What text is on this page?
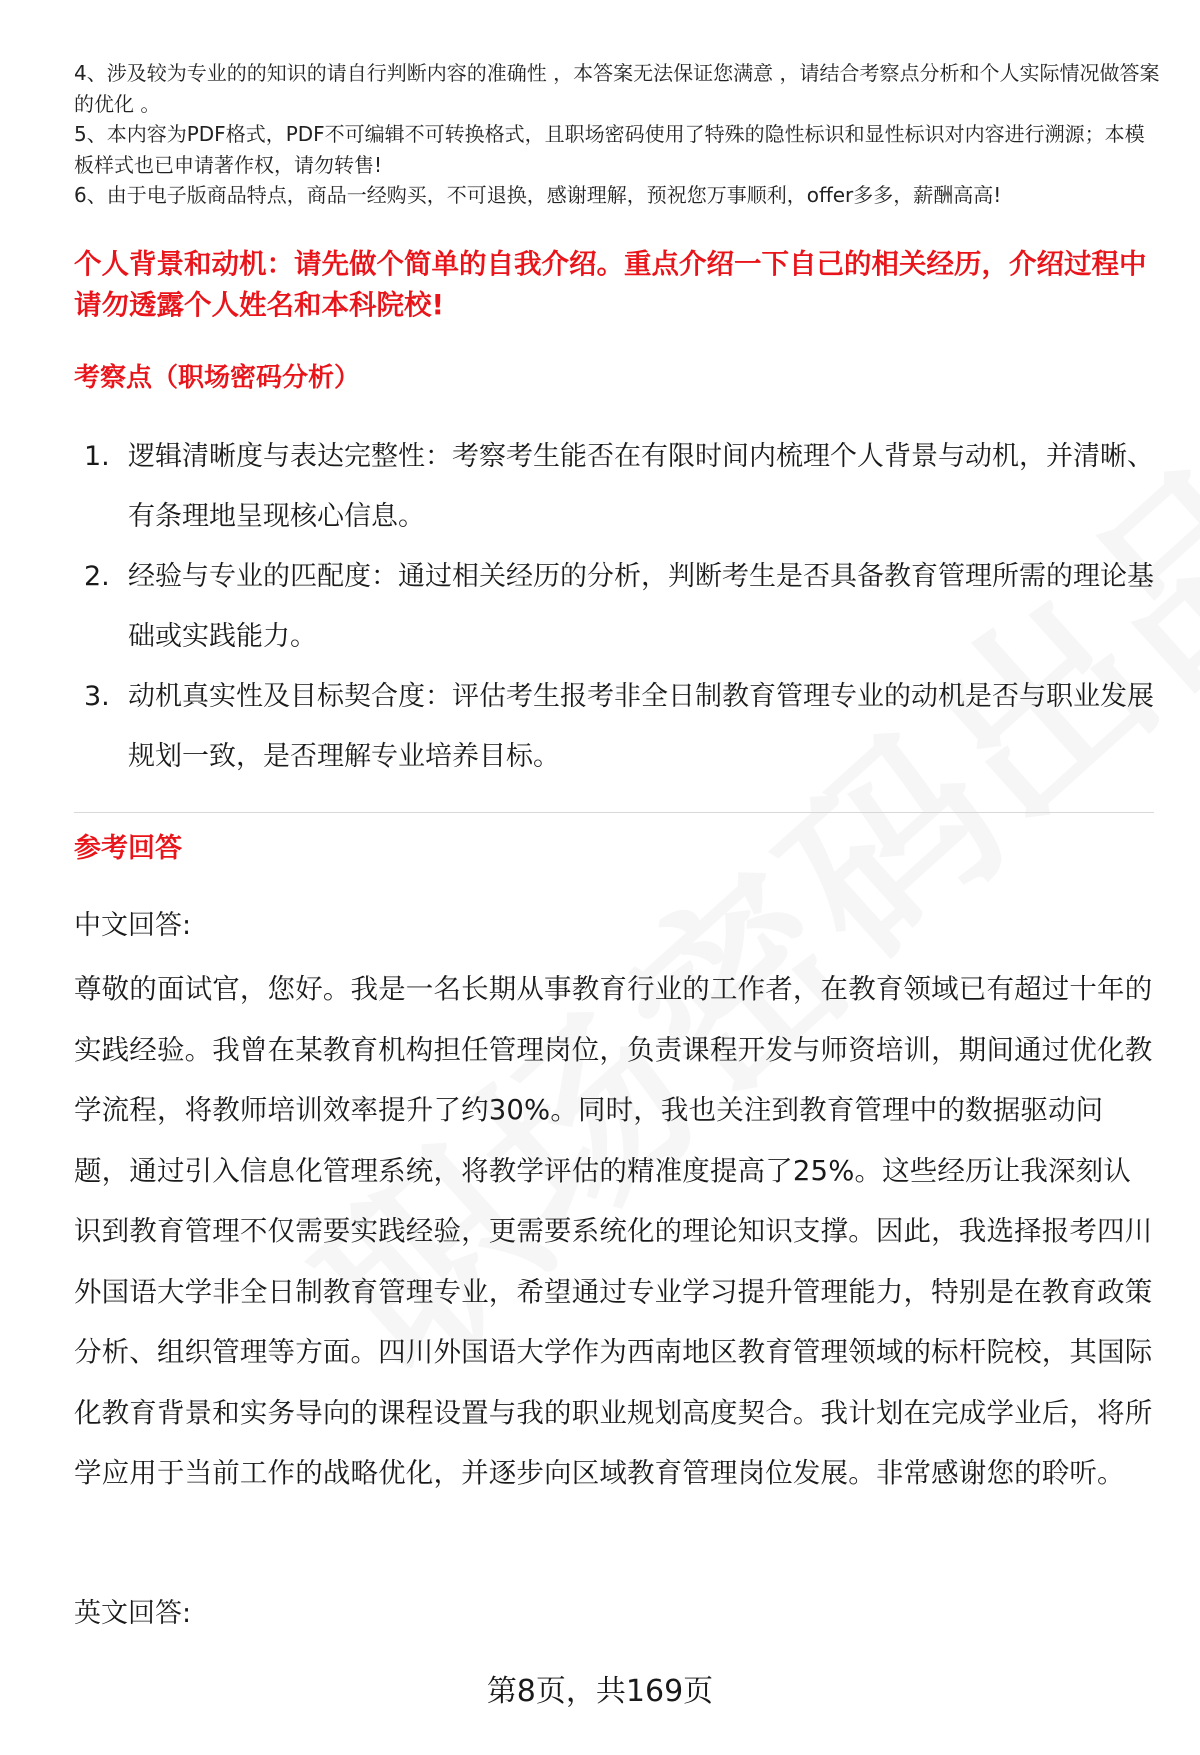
4、涉及较为专业的的知识的请自行判断内容的准确性 ，本答案无法保证您满意 ，请结合考察点分析和个人实际情况做答案的优化 。

5、本内容为PDF格式，PDF不可编辑不可转换格式，且职场密码使用了特殊的隐性标识和显性标识对内容进行溯源；本模板样式也已申请著作权，请勿转售!

6、由于电子版商品特点，商品一经购买，不可退换，感谢理解，预祝您万事顺利，offer多多，薪酬高高!

个人背景和动机：请先做个简单的自我介绍。重点介绍一下自己的相关经历，介绍过程中请勿透露个人姓名和本科院校!
考察点（职场密码分析）
1. 逻辑清晰度与表达完整性：考察考生能否在有限时间内梳理个人背景与动机，并清晰、有条理地呈现核心信息。
2. 经验与专业的匹配度：通过相关经历的分析，判断考生是否具备教育管理所需的理论基础或实践能力。
3. 动机真实性及目标契合度：评估考生报考非全日制教育管理专业的动机是否与职业发展规划一致，是否理解专业培养目标。
参考回答

中文回答:

尊敬的面试官，您好。我是一名长期从事教育行业的工作者，在教育领域已有超过十年的实践经验。我曾在某教育机构担任管理岗位，负责课程开发与师资培训，期间通过优化教学流程，将教师培训效率提升了约30%。同时，我也关注到教育管理中的数据驱动问题，通过引入信息化管理系统，将教学评估的精准度提高了25%。这些经历让我深刻认识到教育管理不仅需要实践经验，更需要系统化的理论知识支撑。因此，我选择报考四川外国语大学非全日制教育管理专业，希望通过专业学习提升管理能力，特别是在教育政策分析、组织管理等方面。四川外国语大学作为西南地区教育管理领域的标杆院校，其国际化教育背景和实务导向的课程设置与我的职业规划高度契合。我计划在完成学业后，将所学应用于当前工作的战略优化，并逐步向区域教育管理岗位发展。非常感谢您的聆听。

英文回答:

第8页，共169页
